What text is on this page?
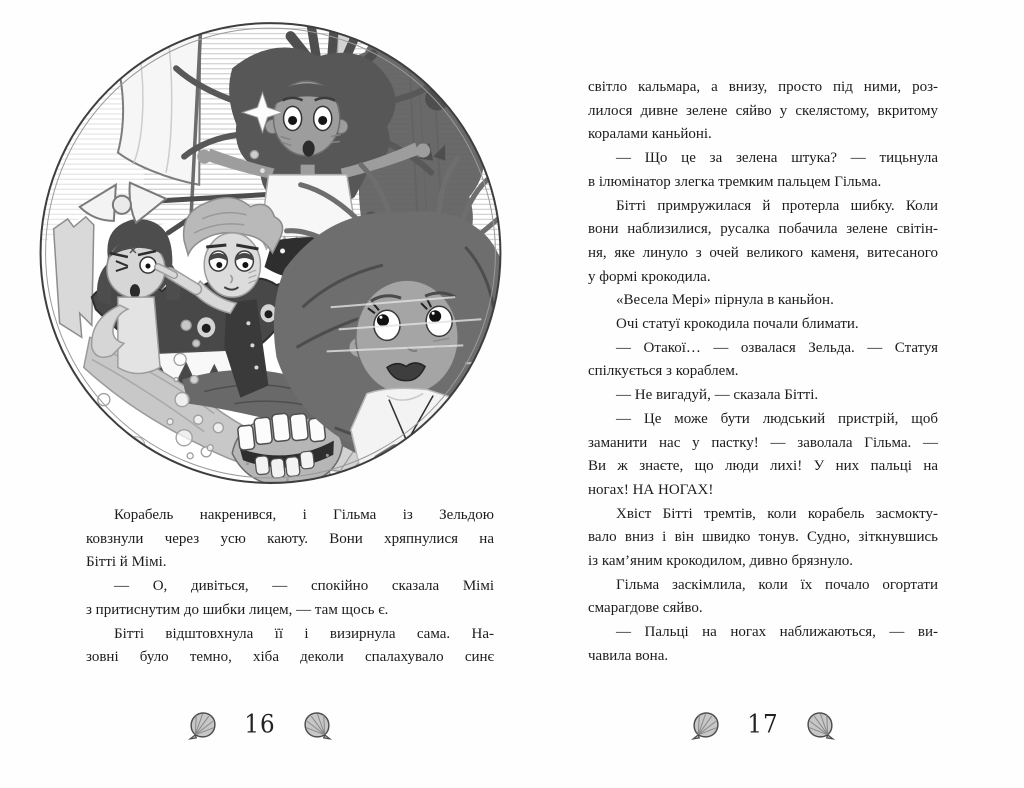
Корабель накренився, і Гільма із Зельдою
ковзнули через усю каюту. Вони хряпнулися на
Бітті й Мімі.
— О, дивіться, — спокійно сказала Мімі
з притиснутим до шибки лицем, — там щось є.
Бітті відштовхнула її і визирнула сама. На-
зовні було темно, хіба деколи спалахувало синє
світло кальмара, а внизу, просто під ними, роз-
лилося дивне зелене сяйво у скелястому, вкритому
коралами каньйоні.
— Що це за зелена штука? — тицьнула
в ілюмінатор злегка тремким пальцем Гільма.
Бітті примружилася й протерла шибку. Коли
вони наблизилися, русалка побачила зелене світін-
ня, яке линуло з очей великого каменя, витесаного
у формі крокодила.
«Весела Мері» пірнула в каньйон.
Очі статуї крокодила почали блимати.
— Отакої… — озвалася Зельда. — Статуя
спілкується з кораблем.
— Не вигадуй, — сказала Бітті.
— Це може бути людський пристрій, щоб
заманити нас у пастку! — заволала Гільма. —
Ви ж знаєте, що люди лихі! У них пальці на
ногах! НА НОГАХ!
Хвіст Бітті тремтів, коли корабель засмокту-
вало вниз і він швидко тонув. Судно, зіткнувшись
із кам’яним крокодилом, дивно брязнуло.
Гільма заскімлила, коли їх почало огортати
смарагдове сяйво.
— Пальці на ногах наближаються, — ви-
чавила вона.
16	17
